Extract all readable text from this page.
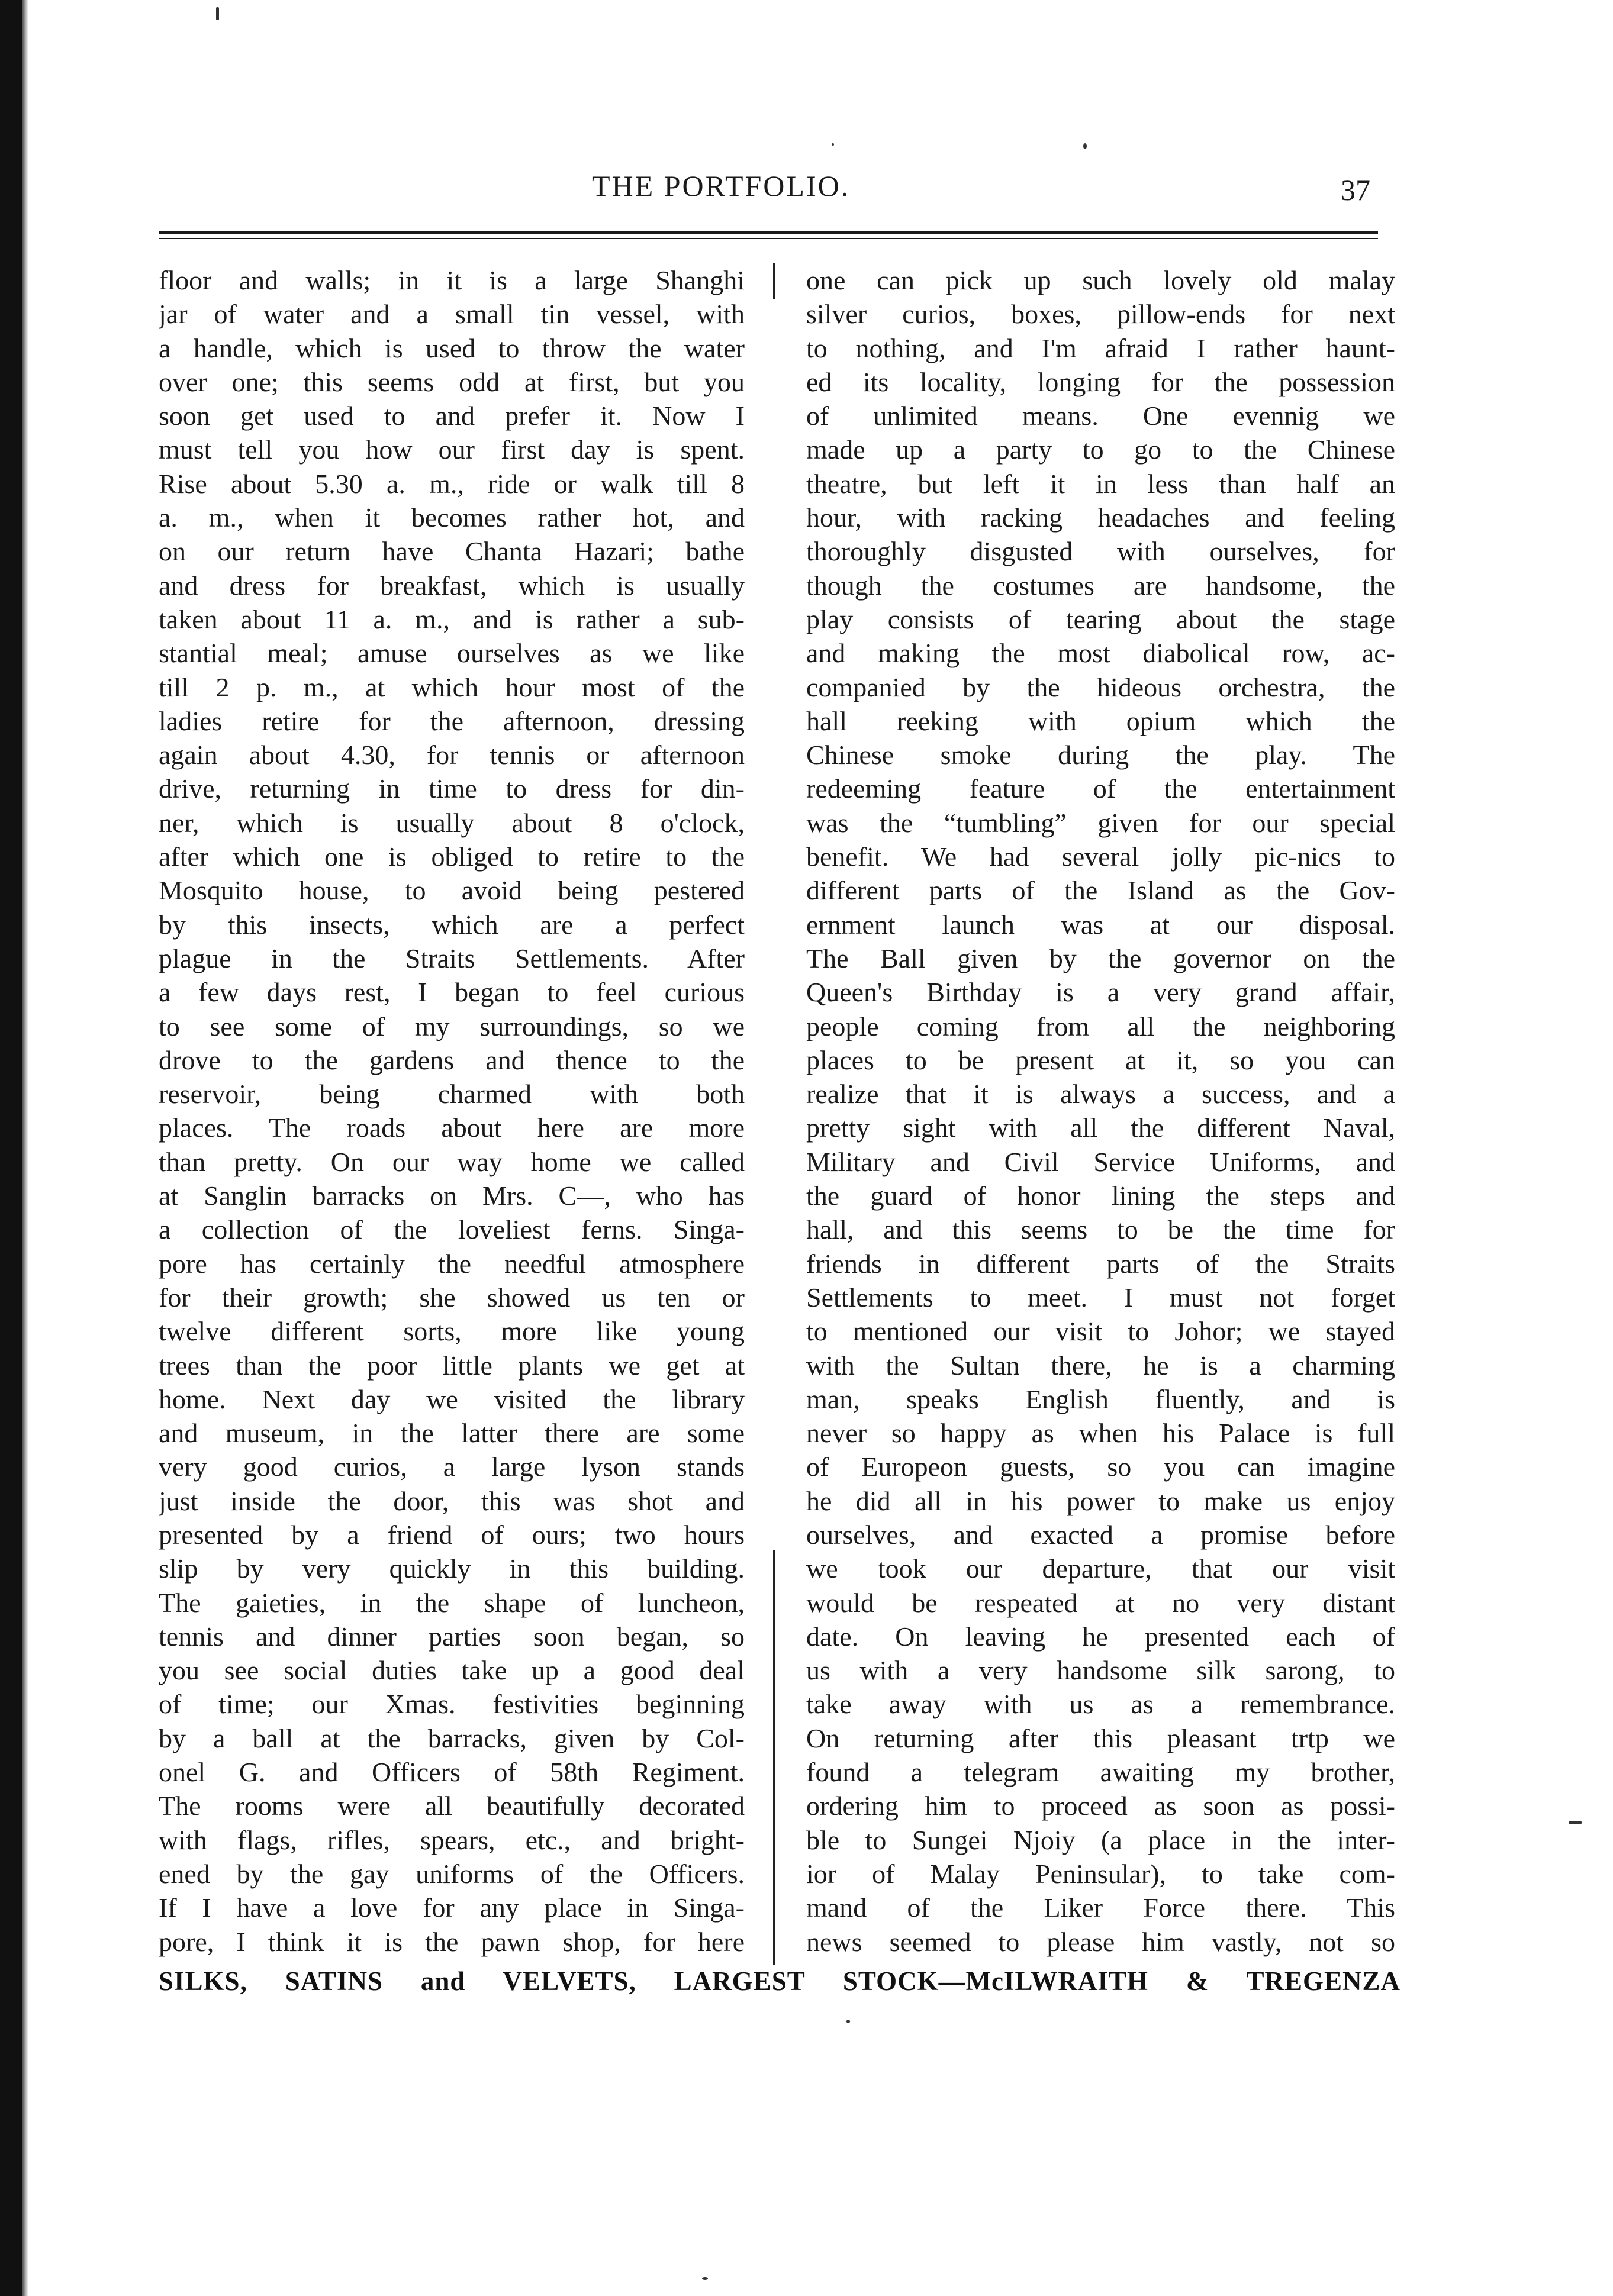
THE PORTFOLIO.	37
floor and walls; in it is a large Shanghi
jar of water and a small tin vessel, with
a handle, which is used to throw the water
over one; this seems odd at first, but you
soon get used to and prefer it. Now I
must tell you how our first day is spent.
Rise about 5.30 a. m., ride or walk till 8
a. m., when it becomes rather hot, and
on our return have Chanta Hazari; bathe
and dress for breakfast, which is usually
taken about 11 a. m., and is rather a sub-
stantial meal; amuse ourselves as we like
till 2 p. m., at which hour most of the
ladies retire for the afternoon, dressing
again about 4.30, for tennis or afternoon
drive, returning in time to dress for din-
ner, which is usually about 8 o'clock,
after which one is obliged to retire to the
Mosquito house, to avoid being pestered
by this insects, which are a perfect
plague in the Straits Settlements. After
a few days rest, I began to feel curious
to see some of my surroundings, so we
drove to the gardens and thence to the
reservoir, being charmed with both
places. The roads about here are more
than pretty. On our way home we called
at Sanglin barracks on Mrs. C—, who has
a collection of the loveliest ferns. Singa-
pore has certainly the needful atmosphere
for their growth; she showed us ten or
twelve different sorts, more like young
trees than the poor little plants we get at
home. Next day we visited the library
and museum, in the latter there are some
very good curios, a large lyson stands
just inside the door, this was shot and
presented by a friend of ours; two hours
slip by very quickly in this building.
The gaieties, in the shape of luncheon,
tennis and dinner parties soon began, so
you see social duties take up a good deal
of time; our Xmas. festivities beginning
by a ball at the barracks, given by Col-
onel G. and Officers of 58th Regiment.
The rooms were all beautifully decorated
with flags, rifles, spears, etc., and bright-
ened by the gay uniforms of the Officers.
If I have a love for any place in Singa-
pore, I think it is the pawn shop, for here
one can pick up such lovely old malay
silver curios, boxes, pillow-ends for next
to nothing, and I'm afraid I rather haunt-
ed its locality, longing for the possession
of unlimited means. One evennig we
made up a party to go to the Chinese
theatre, but left it in less than half an
hour, with racking headaches and feeling
thoroughly disgusted with ourselves, for
though the costumes are handsome, the
play consists of tearing about the stage
and making the most diabolical row, ac-
companied by the hideous orchestra, the
hall reeking with opium which the
Chinese smoke during the play. The
redeeming feature of the entertainment
was the “tumbling” given for our special
benefit. We had several jolly pic-nics to
different parts of the Island as the Gov-
ernment launch was at our disposal.
The Ball given by the governor on the
Queen's Birthday is a very grand affair,
people coming from all the neighboring
places to be present at it, so you can
realize that it is always a success, and a
pretty sight with all the different Naval,
Military and Civil Service Uniforms, and
the guard of honor lining the steps and
hall, and this seems to be the time for
friends in different parts of the Straits
Settlements to meet. I must not forget
to mentioned our visit to Johor; we stayed
with the Sultan there, he is a charming
man, speaks English fluently, and is
never so happy as when his Palace is full
of Europeon guests, so you can imagine
he did all in his power to make us enjoy
ourselves, and exacted a promise before
we took our departure, that our visit
would be respeated at no very distant
date. On leaving he presented each of
us with a very handsome silk sarong, to
take away with us as a remembrance.
On returning after this pleasant trtp we
found a telegram awaiting my brother,
ordering him to proceed as soon as possi-
ble to Sungei Njoiy (a place in the inter-
ior of Malay Peninsular), to take com-
mand of the Liker Force there. This
news seemed to please him vastly, not so
SILKS, SATINS and VELVETS, LARGEST STOCK—McILWRAITH & TREGENZA
